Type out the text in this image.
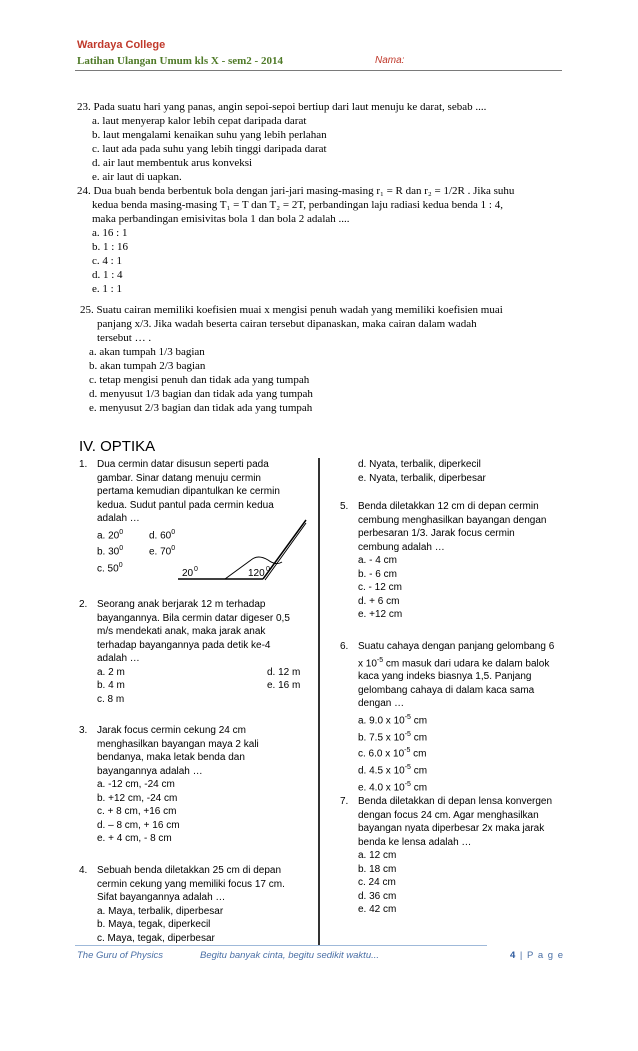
Wardaya College
Latihan Ulangan Umum kls X - sem2 - 2014	Nama:
23. Pada suatu hari yang panas, angin sepoi-sepoi bertiup dari laut menuju ke darat, sebab ....
a. laut menyerap kalor lebih cepat daripada darat
b. laut mengalami kenaikan suhu yang lebih perlahan
c. laut ada pada suhu yang lebih tinggi daripada darat
d. air laut membentuk arus konveksi
e. air laut di uapkan.
24. Dua buah benda berbentuk bola dengan jari-jari masing-masing r₁ = R dan r₂ = 1/2R . Jika suhu
kedua benda masing-masing T₁ = T dan T₂ = 2T, perbandingan laju radiasi kedua benda 1 : 4,
maka perbandingan emisivitas bola 1 dan bola 2 adalah ....
a. 16 : 1
b. 1 : 16
c. 4 : 1
d. 1 : 4
e. 1 : 1
25. Suatu cairan memiliki koefisien muai x mengisi penuh wadah yang memiliki koefisien muai
panjang x/3. Jika wadah beserta cairan tersebut dipanaskan, maka cairan dalam wadah
tersebut … .
a. akan tumpah 1/3 bagian
b. akan tumpah 2/3 bagian
c. tetap mengisi penuh dan tidak ada yang tumpah
d. menyusut 1/3 bagian dan tidak ada yang tumpah
e. menyusut 2/3 bagian dan tidak ada yang tumpah
IV. OPTIKA
1. Dua cermin datar disusun seperti pada
gambar. Sinar datang menuju cermin
pertama kemudian dipantulkan ke cermin
kedua. Sudut pantul pada cermin kedua
adalah …
a. $20^0$	d. $60^0$
b. $30^0$	e. $70^0$
c. $50^0$
20 0	120 0
2. Seorang anak berjarak 12 m terhadap
bayangannya. Bila cermin datar digeser 0,5
m/s mendekati anak, maka jarak anak
terhadap bayangannya pada detik ke-4
adalah …
a. 2 m	d. 12 m
b. 4 m	e. 16 m
c. 8 m
3. Jarak focus cermin cekung 24 cm
menghasilkan bayangan maya 2 kali
bendanya, maka letak benda dan
bayangannya adalah …
a. -12 cm, -24 cm
b. +12 cm, -24 cm
c. + 8 cm, +16 cm
d. – 8 cm, + 16 cm
e. + 4 cm, - 8 cm
4. Sebuah benda diletakkan 25 cm di depan
cermin cekung yang memiliki focus 17 cm.
Sifat bayangannya adalah …
a. Maya, terbalik, diperbesar
b. Maya, tegak, diperkecil
c. Maya, tegak, diperbesar
d. Nyata, terbalik, diperkecil
e. Nyata, terbalik, diperbesar
5. Benda diletakkan 12 cm di depan cermin
cembung menghasilkan bayangan dengan
perbesaran 1/3. Jarak focus cermin
cembung adalah …
a. - 4 cm
b. - 6 cm
c. - 12 cm
d. + 6 cm
e. +12 cm
6. Suatu cahaya dengan panjang gelombang 6
x $10^{-5}$ cm masuk dari udara ke dalam balok
kaca yang indeks biasnya 1,5. Panjang
gelombang cahaya di dalam kaca sama
dengan …
a. 9.0 x $10^{-5}$ cm
b. 7.5 x $10^{-5}$ cm
c. 6.0 x $10^{-5}$ cm
d. 4.5 x $10^{-5}$ cm
e. 4.0 x $10^{-5}$ cm
7. Benda diletakkan di depan lensa konvergen
dengan focus 24 cm. Agar menghasilkan
bayangan nyata diperbesar 2x maka jarak
benda ke lensa adalah …
a. 12 cm
b. 18 cm
c. 24 cm
d. 36 cm
e. 42 cm
The Guru of Physics	Begitu banyak cinta, begitu sedikit waktu...	4 | P a g e
